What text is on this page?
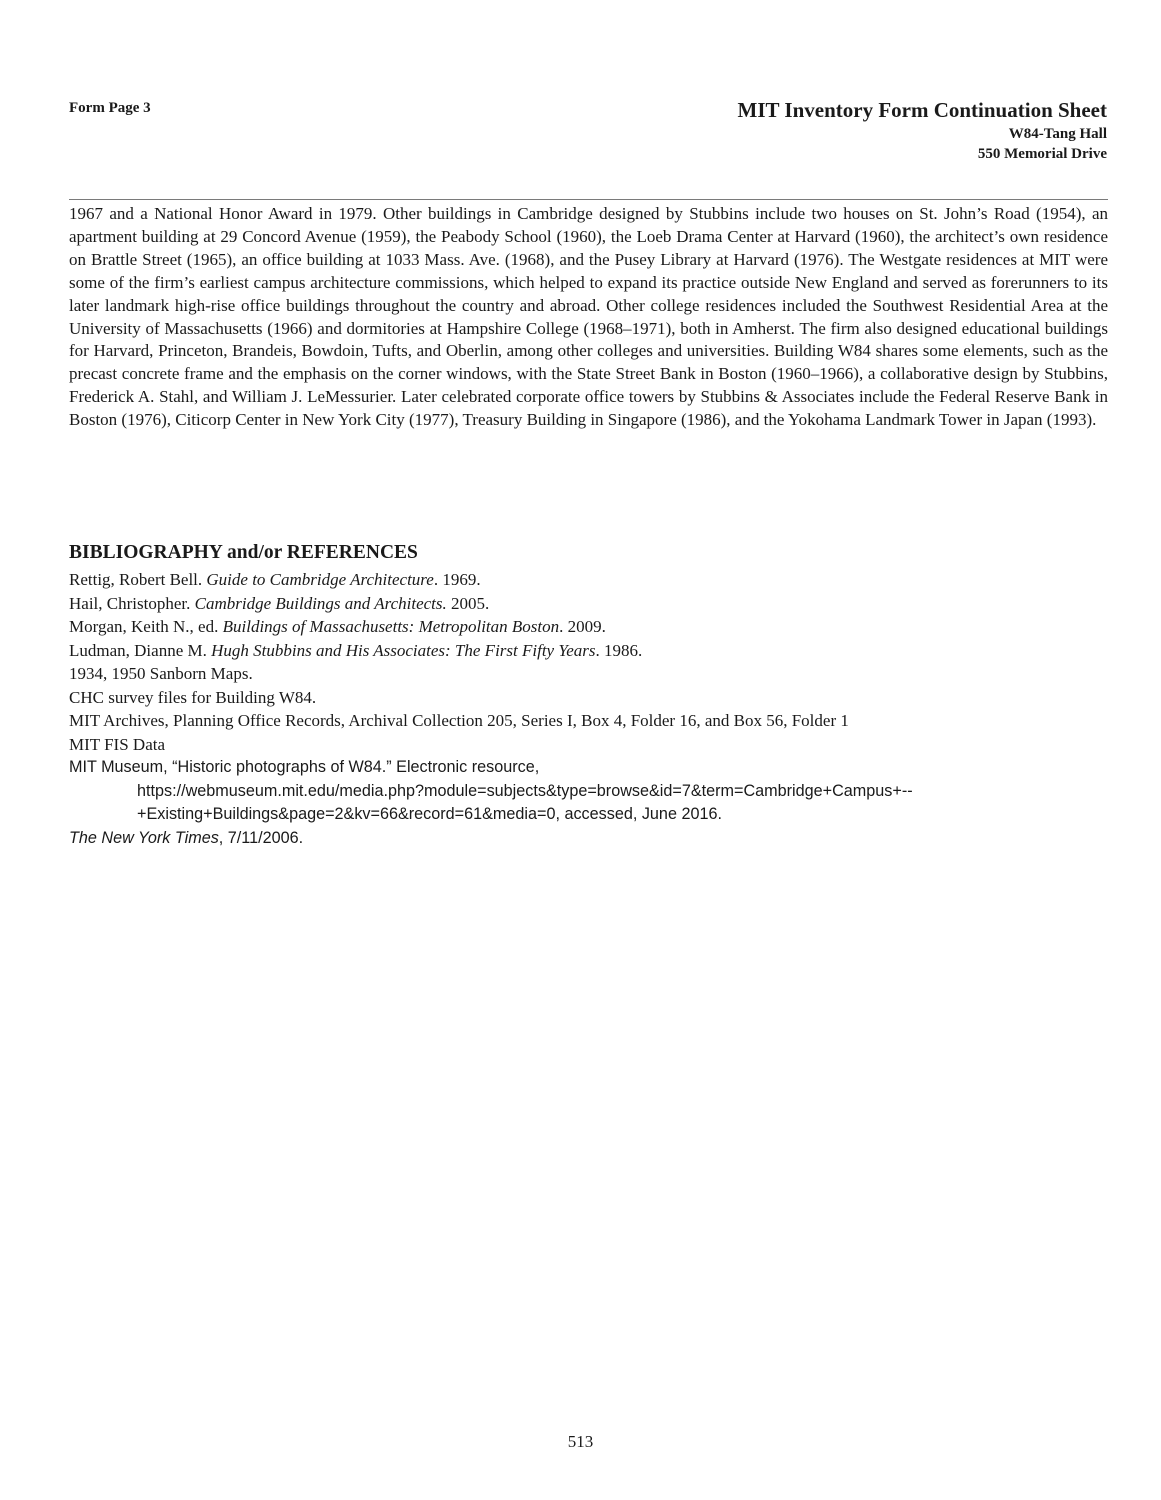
Form Page 3	MIT Inventory Form Continuation Sheet
W84-Tang Hall
550 Memorial Drive
1967 and a National Honor Award in 1979. Other buildings in Cambridge designed by Stubbins include two houses on St. John’s Road (1954), an apartment building at 29 Concord Avenue (1959), the Peabody School (1960), the Loeb Drama Center at Harvard (1960), the architect’s own residence on Brattle Street (1965), an office building at 1033 Mass. Ave. (1968), and the Pusey Library at Harvard (1976). The Westgate residences at MIT were some of the firm’s earliest campus architecture commissions, which helped to expand its practice outside New England and served as forerunners to its later landmark high-rise office buildings throughout the country and abroad. Other college residences included the Southwest Residential Area at the University of Massachusetts (1966) and dormitories at Hampshire College (1968–1971), both in Amherst. The firm also designed educational buildings for Harvard, Princeton, Brandeis, Bowdoin, Tufts, and Oberlin, among other colleges and universities. Building W84 shares some elements, such as the precast concrete frame and the emphasis on the corner windows, with the State Street Bank in Boston (1960–1966), a collaborative design by Stubbins, Frederick A. Stahl, and William J. LeMessurier. Later celebrated corporate office towers by Stubbins & Associates include the Federal Reserve Bank in Boston (1976), Citicorp Center in New York City (1977), Treasury Building in Singapore (1986), and the Yokohama Landmark Tower in Japan (1993).
BIBLIOGRAPHY and/or REFERENCES
Rettig, Robert Bell. Guide to Cambridge Architecture. 1969.
Hail, Christopher. Cambridge Buildings and Architects. 2005.
Morgan, Keith N., ed. Buildings of Massachusetts: Metropolitan Boston. 2009.
Ludman, Dianne M. Hugh Stubbins and His Associates: The First Fifty Years. 1986.
1934, 1950 Sanborn Maps.
CHC survey files for Building W84.
MIT Archives, Planning Office Records, Archival Collection 205, Series I, Box 4, Folder 16, and Box 56, Folder 1
MIT FIS Data
MIT Museum, “Historic photographs of W84.” Electronic resource,
https://webmuseum.mit.edu/media.php?module=subjects&type=browse&id=7&term=Cambridge+Campus+--
+Existing+Buildings&page=2&kv=66&record=61&media=0, accessed, June 2016.
The New York Times, 7/11/2006.
513
